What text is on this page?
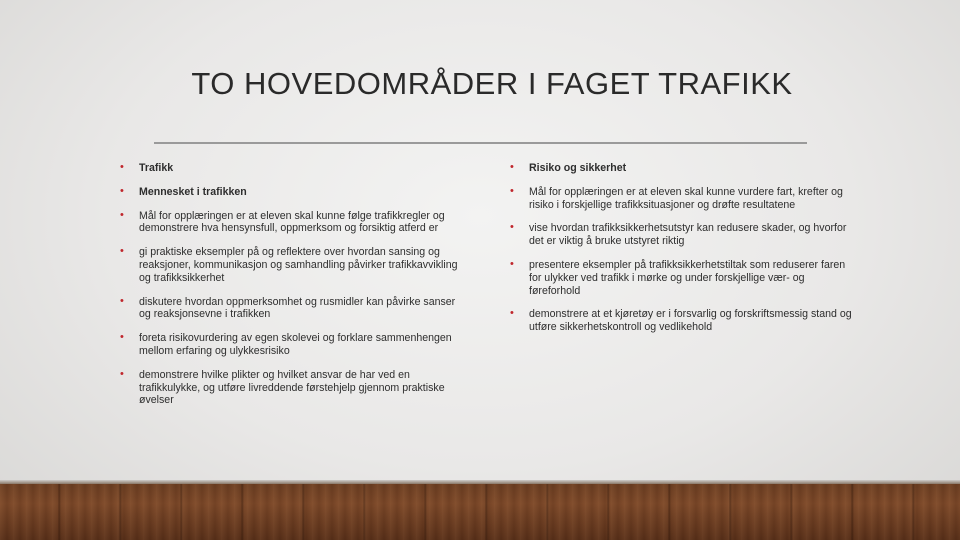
TO HOVEDOMRÅDER I FAGET TRAFIKK
• Trafikk
• Mennesket i trafikken
• Mål for opplæringen er at eleven skal kunne følge trafikkregler og demonstrere hva hensynsfull, oppmerksom og forsiktig atferd er
• gi praktiske eksempler på og reflektere over hvordan sansing og reaksjoner, kommunikasjon og samhandling påvirker trafikkavvikling og trafikksikkerhet
• diskutere hvordan oppmerksomhet og rusmidler kan påvirke sanser og reaksjonsevne i trafikken
• foreta risikovurdering av egen skolevei og forklare sammenhengen mellom erfaring og ulykkesrisiko
• demonstrere hvilke plikter og hvilket ansvar de har ved en trafikkulykke, og utføre livreddende førstehjelp gjennom praktiske øvelser
• Risiko og sikkerhet
• Mål for opplæringen er at eleven skal kunne vurdere fart, krefter og risiko i forskjellige trafikksituasjoner og drøfte resultatene
• vise hvordan trafikksikkerhetsutstyr kan redusere skader, og hvorfor det er viktig å bruke utstyret riktig
• presentere eksempler på trafikksikkerhetstiltak som reduserer faren for ulykker ved trafikk i mørke og under forskjellige vær- og føreforhold
• demonstrere at et kjøretøy er i forsvarlig og forskriftsmessig stand og utføre sikkerhetskontroll og vedlikehold
